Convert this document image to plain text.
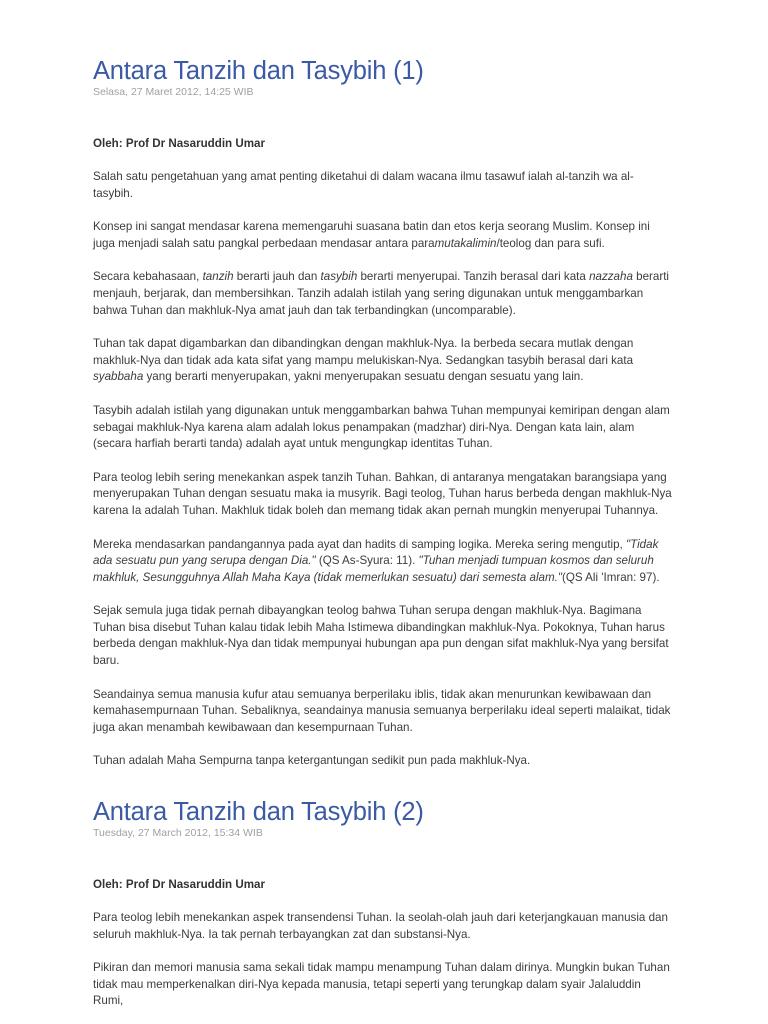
Antara Tanzih dan Tasybih (1)
Selasa, 27 Maret 2012, 14:25 WIB
Oleh: Prof Dr Nasaruddin Umar

Salah satu pengetahuan yang amat penting diketahui di dalam wacana ilmu tasawuf ialah al-tanzih wa al-tasybih.

Konsep ini sangat mendasar karena memengaruhi suasana batin dan etos kerja seorang Muslim. Konsep ini juga menjadi salah satu pangkal perbedaan mendasar antara paramutakalimin/teolog dan para sufi.

Secara kebahasaan, tanzih berarti jauh dan tasybih berarti menyerupai. Tanzih berasal dari kata nazzaha berarti menjauh, berjarak, dan membersihkan. Tanzih adalah istilah yang sering digunakan untuk menggambarkan bahwa Tuhan dan makhluk-Nya amat jauh dan tak terbandingkan (uncomparable).

Tuhan tak dapat digambarkan dan dibandingkan dengan makhluk-Nya. Ia berbeda secara mutlak dengan makhluk-Nya dan tidak ada kata sifat yang mampu melukiskan-Nya. Sedangkan tasybih berasal dari kata syabbaha yang berarti menyerupakan, yakni menyerupakan sesuatu dengan sesuatu yang lain.

Tasybih adalah istilah yang digunakan untuk menggambarkan bahwa Tuhan mempunyai kemiripan dengan alam sebagai makhluk-Nya karena alam adalah lokus penampakan (madzhar) diri-Nya. Dengan kata lain, alam (secara harfiah berarti tanda) adalah ayat untuk mengungkap identitas Tuhan.

Para teolog lebih sering menekankan aspek tanzih Tuhan. Bahkan, di antaranya mengatakan barangsiapa yang menyerupakan Tuhan dengan sesuatu maka ia musyrik. Bagi teolog, Tuhan harus berbeda dengan makhluk-Nya karena Ia adalah Tuhan. Makhluk tidak boleh dan memang tidak akan pernah mungkin menyerupai Tuhannya.

Mereka mendasarkan pandangannya pada ayat dan hadits di samping logika. Mereka sering mengutip, "Tidak ada sesuatu pun yang serupa dengan Dia." (QS As-Syura: 11). "Tuhan menjadi tumpuan kosmos dan seluruh makhluk, Sesungguhnya Allah Maha Kaya (tidak memerlukan sesuatu) dari semesta alam."(QS Ali 'Imran: 97).

Sejak semula juga tidak pernah dibayangkan teolog bahwa Tuhan serupa dengan makhluk-Nya. Bagimana Tuhan bisa disebut Tuhan kalau tidak lebih Maha Istimewa dibandingkan makhluk-Nya. Pokoknya, Tuhan harus berbeda dengan makhluk-Nya dan tidak mempunyai hubungan apa pun dengan sifat makhluk-Nya yang bersifat baru.

Seandainya semua manusia kufur atau semuanya berperilaku iblis, tidak akan menurunkan kewibawaan dan kemahasempurnaan Tuhan. Sebaliknya, seandainya manusia semuanya berperilaku ideal seperti malaikat, tidak juga akan menambah kewibawaan dan kesempurnaan Tuhan.

Tuhan adalah Maha Sempurna tanpa ketergantungan sedikit pun pada makhluk-Nya.

Antara Tanzih dan Tasybih (2)
Tuesday, 27 March 2012, 15:34 WIB
Oleh: Prof Dr Nasaruddin Umar

Para teolog lebih menekankan aspek transendensi Tuhan. Ia seolah-olah jauh dari keterjangkauan manusia dan seluruh makhluk-Nya. Ia tak pernah terbayangkan zat dan substansi-Nya.

Pikiran dan memori manusia sama sekali tidak mampu menampung Tuhan dalam dirinya. Mungkin bukan Tuhan tidak mau memperkenalkan diri-Nya kepada manusia, tetapi seperti yang terungkap dalam syair Jalaluddin Rumi,
